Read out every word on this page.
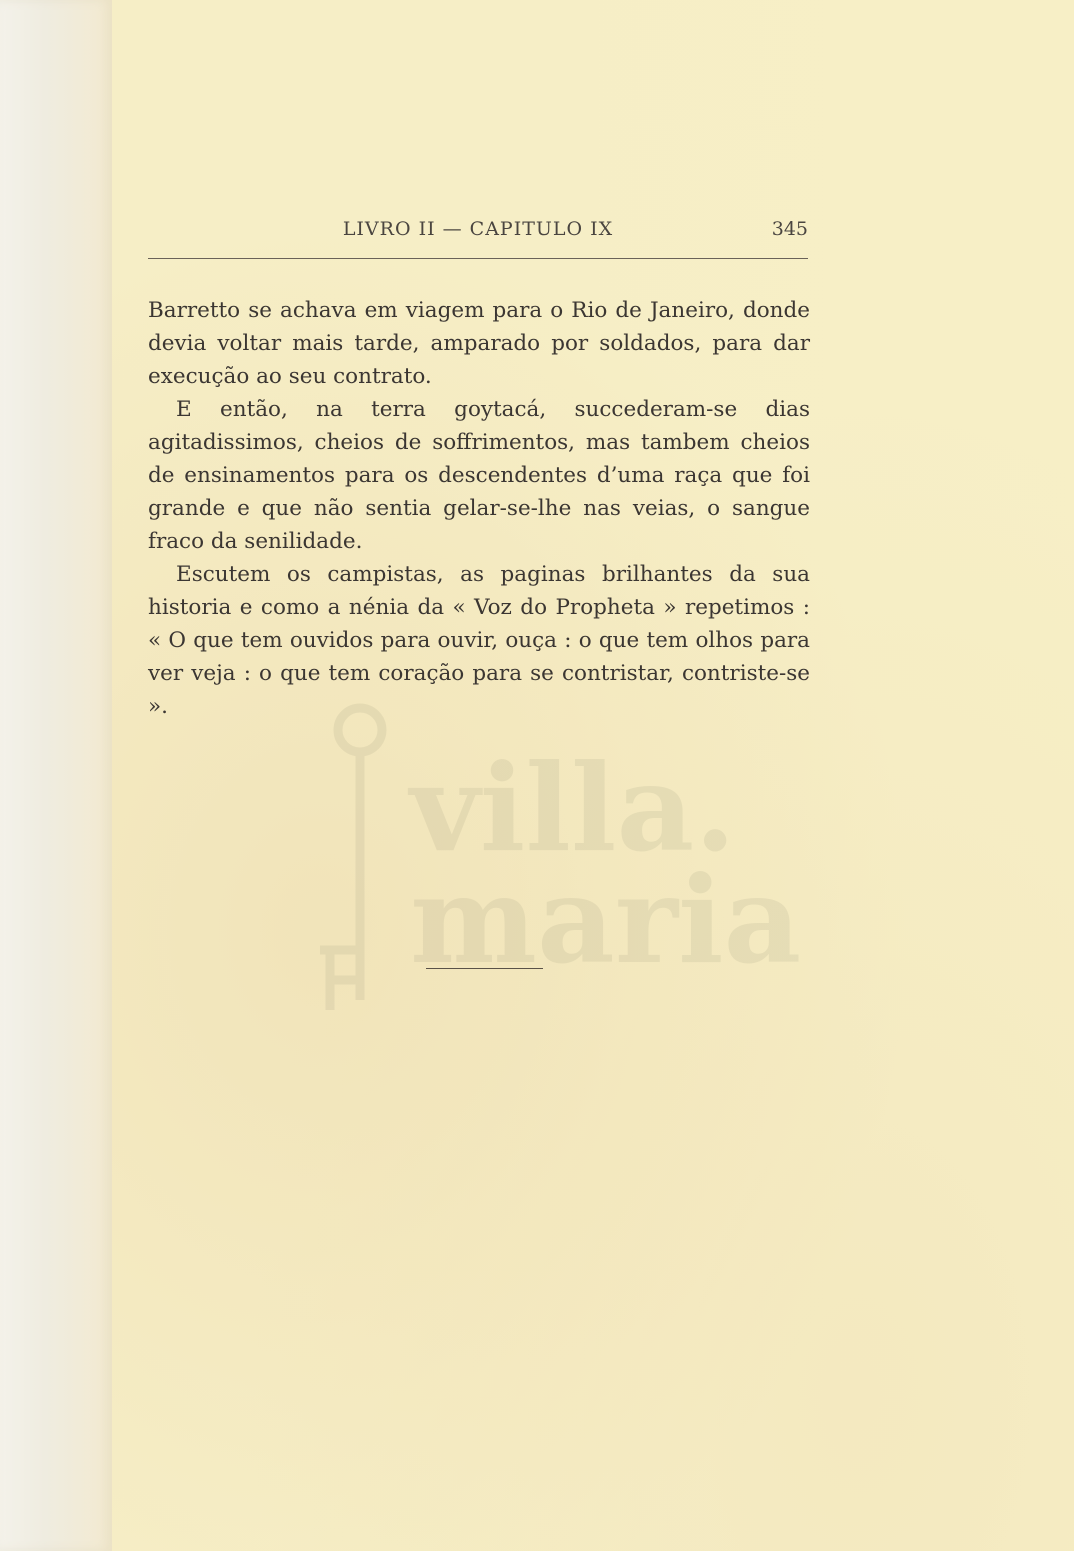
villa.
maria
LIVRO II — CAPITULO IX	345

Barretto se achava em viagem para o Rio de Janeiro, donde devia voltar mais tarde, amparado por soldados, para dar execução ao seu contrato.

E então, na terra goytacá, succederam-se dias agitadissimos, cheios de soffrimentos, mas tambem cheios de ensinamentos para os descendentes d’uma raça que foi grande e que não sentia gelar-se-lhe nas veias, o sangue fraco da senilidade.

Escutem os campistas, as paginas brilhantes da sua historia e como a nénia da « Voz do Propheta » repetimos : « O que tem ouvidos para ouvir, ouça : o que tem olhos para ver veja : o que tem coração para se contristar, contriste-se ».
